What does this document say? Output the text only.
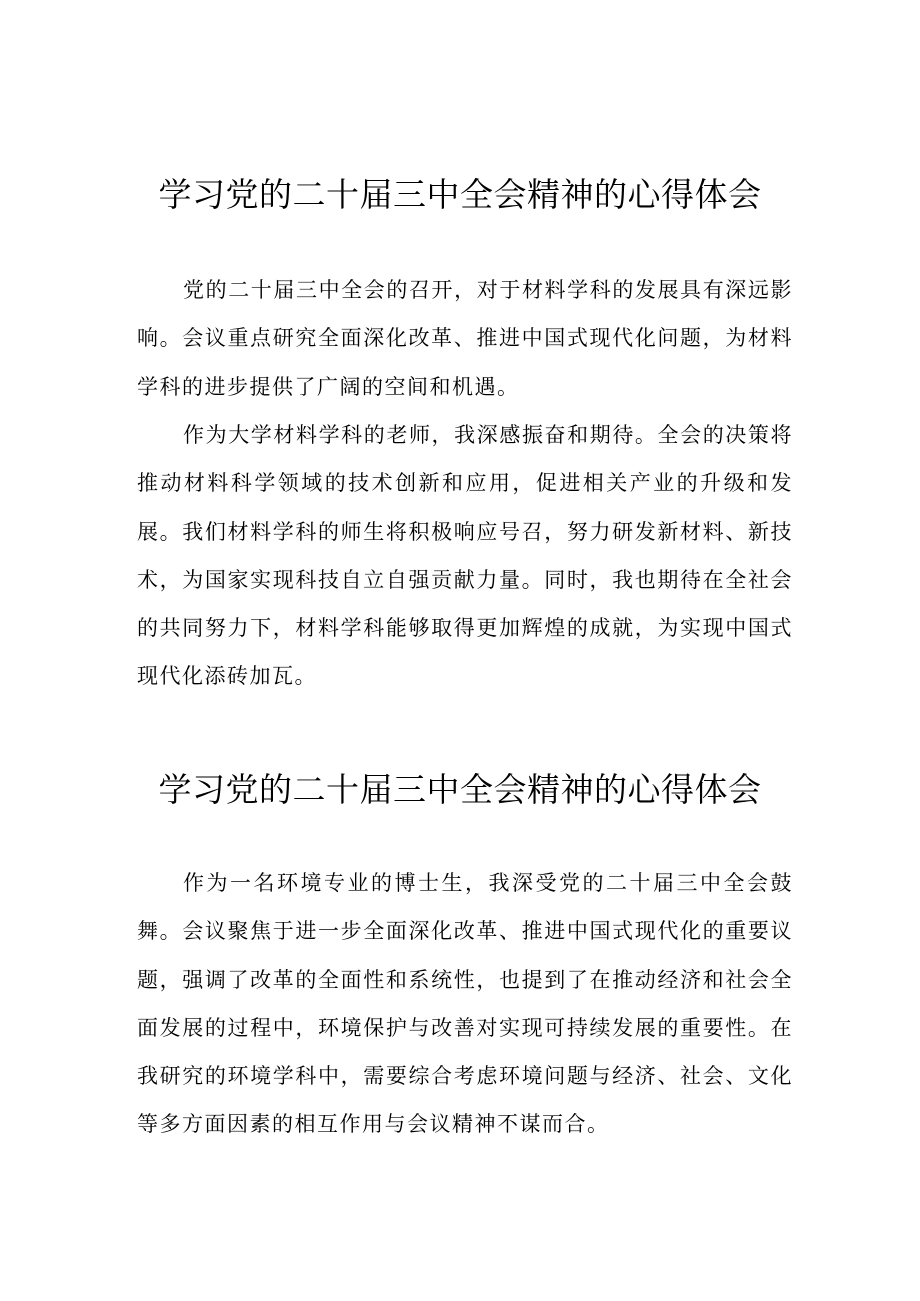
学习党的二十届三中全会精神的心得体会

党的二十届三中全会的召开，对于材料学科的发展具有深远影响。会议重点研究全面深化改革、推进中国式现代化问题，为材料学科的进步提供了广阔的空间和机遇。

作为大学材料学科的老师，我深感振奋和期待。全会的决策将推动材料科学领域的技术创新和应用，促进相关产业的升级和发展。我们材料学科的师生将积极响应号召，努力研发新材料、新技术，为国家实现科技自立自强贡献力量。同时，我也期待在全社会的共同努力下，材料学科能够取得更加辉煌的成就，为实现中国式现代化添砖加瓦。

学习党的二十届三中全会精神的心得体会

作为一名环境专业的博士生，我深受党的二十届三中全会鼓舞。会议聚焦于进一步全面深化改革、推进中国式现代化的重要议题，强调了改革的全面性和系统性，也提到了在推动经济和社会全面发展的过程中，环境保护与改善对实现可持续发展的重要性。在我研究的环境学科中，需要综合考虑环境问题与经济、社会、文化等多方面因素的相互作用与会议精神不谋而合。
